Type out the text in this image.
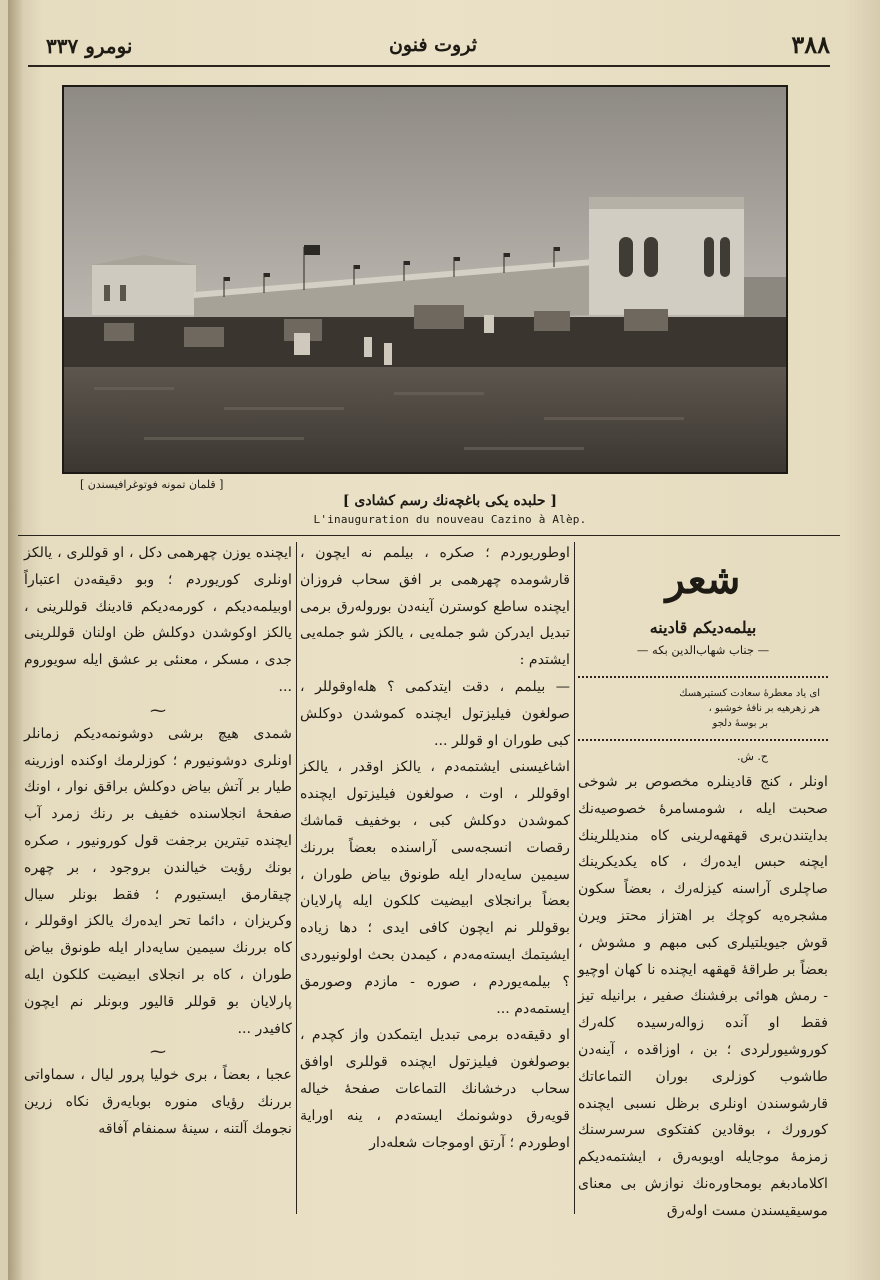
٣٨٨
ثروت فنون
نومرو ٣٣٧
[ قلمان تمونه فوتوغرافيسندن ]
[ حلبده يكى باغچه‌نك رسم كشادى ]
L'inauguration du nouveau Cazino à Alèp.
شعر
بيلمه‌ديكم قادينه
— جناب شهاب‌الدين بكه —
اى ياد معطرهٔ سعادت كستيرهسك
هر زهرهيه بر نافهٔ خوشبو ،
بر بوسهٔ دلجو
ح. ش.

اونلر ، كنج قادينلره مخصوص بر شوخى صحبت ايله ، شومسامرهٔ خصوصيه‌نك بدايتندن‌برى قهقهه‌لرينى كاه منديللرينك ايچنه حبس ايده‌رك ، كاه يكديكرينك صاچلرى آراسنه كيزله‌رك ، بعضاً سكون مشجره‌يه كوچك بر اهتزاز محتز ويرن قوش جيويلتيلرى كبى مبهم و مشوش ، بعضاً بر طراقهٔ قهقهه ايچنده نا كهان اوچيو - رمش هوائى برفشنك صفير ، برانيله تيز فقط او آنده زواله‌رسيده كله‌رك كوروشيورلردى ؛ بن ، اوزاقده ، آينه‌دن طاشوب كوزلرى بوران التماعاتك قارشوسندن اونلرى برظل نسبى ايچنده كورورك ، بوقادين كفتكوى سرسرسنك زمزمهٔ موجايله اويوبه‌رق ، ايشتمه‌ديكم اكلامادبغم بومحاوره‌نك نوازش بى معناى موسيقيسندن مست اوله‌رق

اوطوريوردم ؛ صكره ، بيلمم نه ايچون ، قارشومده چهرهمى بر افق سحاب فروزان ايچنده ساطع كوسترن آينه‌دن بوروله‌رق برمى تبديل ايدركن شو جمله‌يى ، يالكز شو جمله‌يى ايشتدم :

— بيلمم ، دقت ايتدكمى ؟ هله‌اوقوللر ، صولغون فيليزتول ايچنده كموشدن دوكلش كبى طوران او قوللر ...

اشاغيسنى ايشتمه‌دم ، يالكز اوقدر ، يالكز اوقوللر ، اوت ، صولغون فيليزتول ايچنده كموشدن دوكلش كبى ، بوخفيف قماشك رقصات انسجه‌سى آراسنده بعضاً بررنك سيمين سايه‌دار ايله طونوق بياض طوران ، بعضاً برانجلاى ابيضيت كلكون ايله پارلايان بوقوللر نم ايچون كافى ايدى ؛ دها زياده ايشيتمك ايسته‌مه‌دم ، كيمدن بحث اولونيوردى ؟ بيلمه‌يوردم ، صوره - مازدم وصورمق ايستمه‌دم ...

او دقيقه‌ده برمى تبديل ايتمكدن واز كچدم ، بوصولغون فيليزتول ايچنده قوللرى اوافق سحاب درخشانك التماعات صفحهٔ خياله قويه‌رق دوشونمك ايسته‌دم ، ينه اوراية اوطوردم ؛ آرتق اوموجات شعله‌دار

ايچنده يوزن چهرهمى دكل ، او قوللرى ، يالكز اونلرى كوريوردم ؛ وبو دقيقه‌دن اعتباراً اوبيلمه‌ديكم ، كورمه‌ديكم قادينك قوللرينى ، يالكز اوكوشدن دوكلش ظن اولنان قوللرينى جدى ، مسكر ، معنئى بر عشق ايله سويوروم ...

⁓

شمدى هيچ برشى دوشونمه‌ديكم زمانلر اونلرى دوشونيورم ؛ كوزلرمك اوكنده اوزرينه طيار بر آتش بياض دوكلش براقق نوار ، اونك صفحهٔ انجلاسنده خفيف بر رنك زمرد آب ايچنده تيترين برجفت قول كورونيور ، صكره بونك رؤيت خيالندن بروجود ، بر چهره چيقارمق ايستيورم ؛ فقط بونلر سيال وكريزان ، دائما تحر ايده‌رك يالكز اوقوللر ، كاه بررنك سيمين سايه‌دار ايله طونوق بياض طوران ، كاه بر انجلاى ابيضيت كلكون ايله پارلايان بو قوللر قاليور وبونلر نم ايچون كافيدر ...

⁓

عجبا ، بعضاً ، برى خوليا پرور ليال ، سماواتى بررنك رؤياى منوره بوبايه‌رق نكاه زرين نجومك آلتنه ، سينهٔ سمنفام آفاقه
